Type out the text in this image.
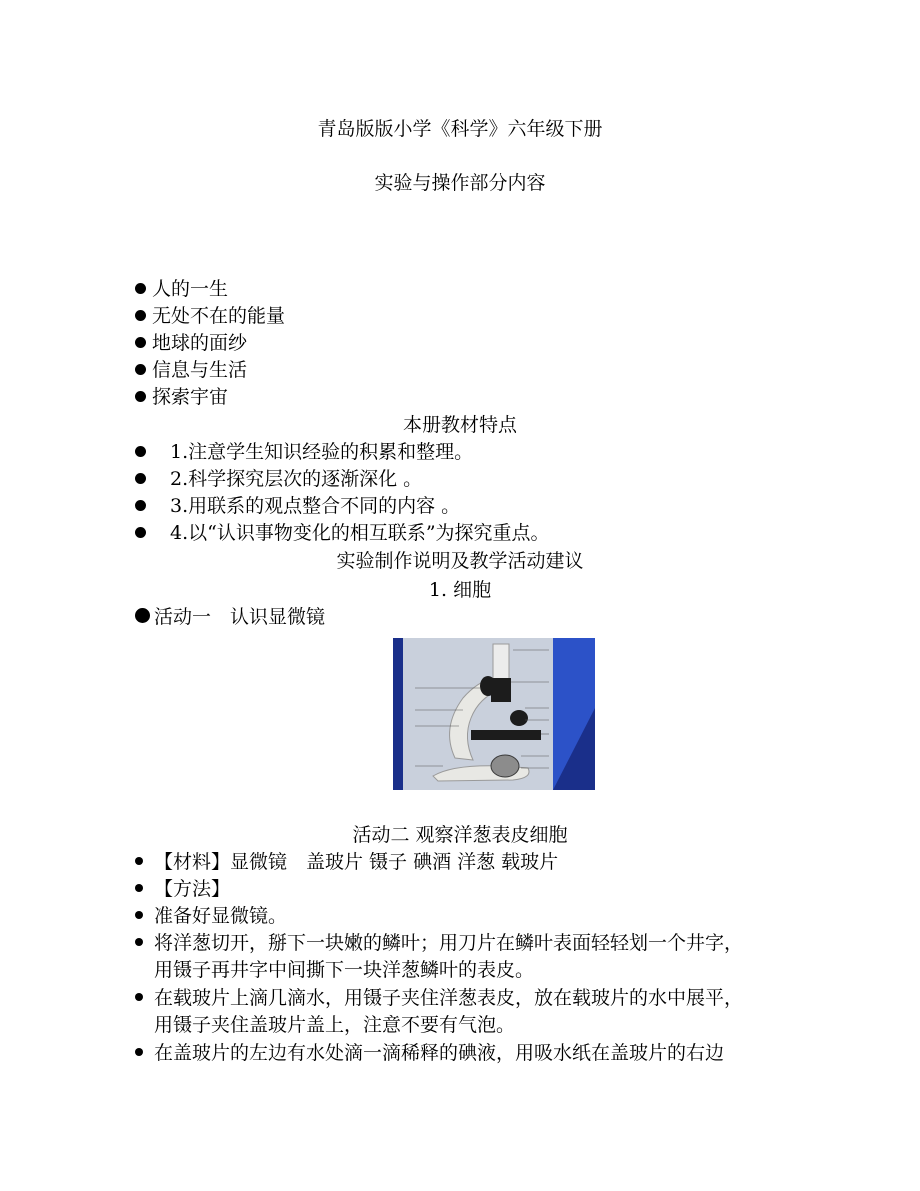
青岛版版小学《科学》六年级下册
实验与操作部分内容
人的一生
无处不在的能量
地球的面纱
信息与生活
探索宇宙
本册教材特点
1.注意学生知识经验的积累和整理。
2.科学探究层次的逐渐深化 。
3.用联系的观点整合不同的内容 。
4.以“认识事物变化的相互联系”为探究重点。
实验制作说明及教学活动建议
1. 细胞
活动一　认识显微镜
活动二 观察洋葱表皮细胞
【材料】显微镜　盖玻片 镊子 碘酒 洋葱 载玻片
【方法】
准备好显微镜。
将洋葱切开，掰下一块嫩的鳞叶；用刀片在鳞叶表面轻轻划一个井字，
用镊子再井字中间撕下一块洋葱鳞叶的表皮。
在载玻片上滴几滴水，用镊子夹住洋葱表皮，放在载玻片的水中展平，
用镊子夹住盖玻片盖上，注意不要有气泡。
在盖玻片的左边有水处滴一滴稀释的碘液，用吸水纸在盖玻片的右边
